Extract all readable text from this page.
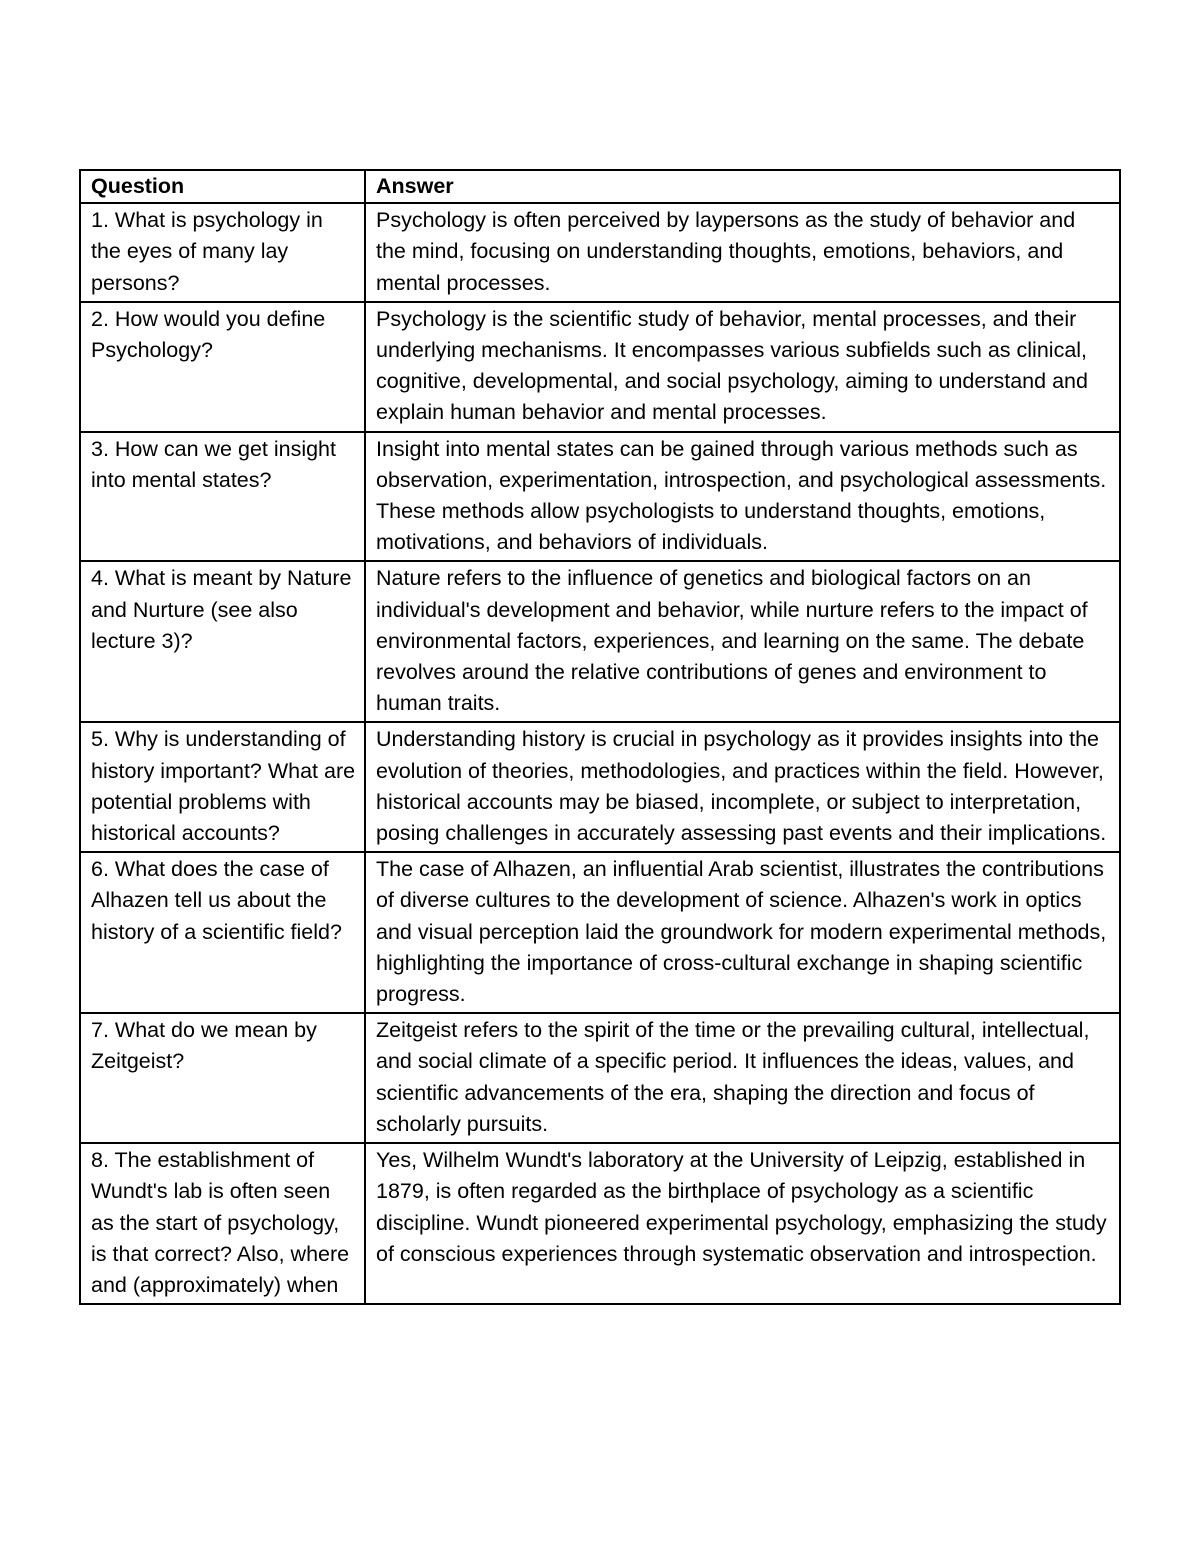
Question	Answer
1. What is psychology in the eyes of many lay persons?	Psychology is often perceived by laypersons as the study of behavior and the mind, focusing on understanding thoughts, emotions, behaviors, and mental processes.
2. How would you define Psychology?	Psychology is the scientific study of behavior, mental processes, and their underlying mechanisms. It encompasses various subfields such as clinical, cognitive, developmental, and social psychology, aiming to understand and explain human behavior and mental processes.
3. How can we get insight into mental states?	Insight into mental states can be gained through various methods such as observation, experimentation, introspection, and psychological assessments. These methods allow psychologists to understand thoughts, emotions, motivations, and behaviors of individuals.
4. What is meant by Nature and Nurture (see also lecture 3)?	Nature refers to the influence of genetics and biological factors on an individual's development and behavior, while nurture refers to the impact of environmental factors, experiences, and learning on the same. The debate revolves around the relative contributions of genes and environment to human traits.
5. Why is understanding of history important? What are potential problems with historical accounts?	Understanding history is crucial in psychology as it provides insights into the evolution of theories, methodologies, and practices within the field. However, historical accounts may be biased, incomplete, or subject to interpretation, posing challenges in accurately assessing past events and their implications.
6. What does the case of Alhazen tell us about the history of a scientific field?	The case of Alhazen, an influential Arab scientist, illustrates the contributions of diverse cultures to the development of science. Alhazen's work in optics and visual perception laid the groundwork for modern experimental methods, highlighting the importance of cross-cultural exchange in shaping scientific progress.
7. What do we mean by Zeitgeist?	Zeitgeist refers to the spirit of the time or the prevailing cultural, intellectual, and social climate of a specific period. It influences the ideas, values, and scientific advancements of the era, shaping the direction and focus of scholarly pursuits.
8. The establishment of Wundt's lab is often seen as the start of psychology, is that correct? Also, where and (approximately) when	Yes, Wilhelm Wundt's laboratory at the University of Leipzig, established in 1879, is often regarded as the birthplace of psychology as a scientific discipline. Wundt pioneered experimental psychology, emphasizing the study of conscious experiences through systematic observation and introspection.
